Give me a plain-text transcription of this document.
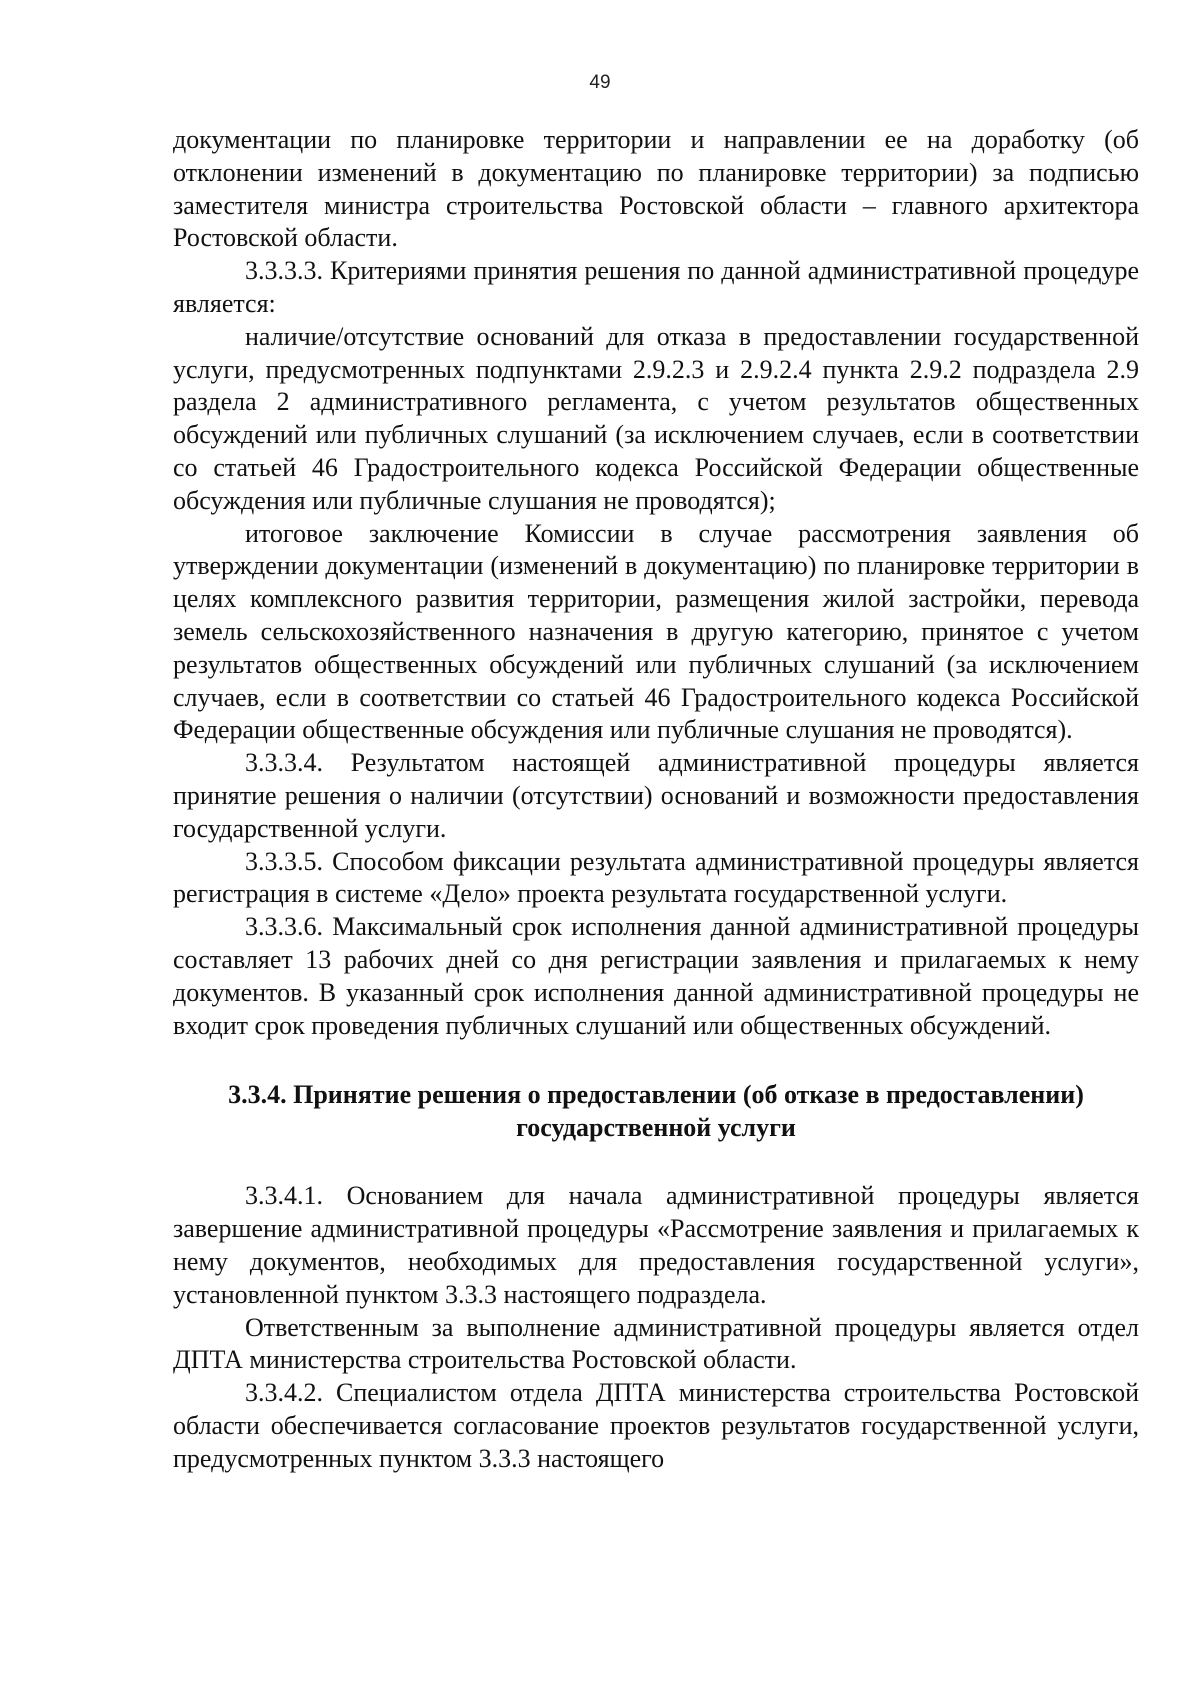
49

документации по планировке территории и направлении ее на доработку (об отклонении изменений в документацию по планировке территории) за подписью заместителя министра строительства Ростовской области – главного архитектора Ростовской области.

3.3.3.3. Критериями принятия решения по данной административной процедуре является:

наличие/отсутствие оснований для отказа в предоставлении государственной услуги, предусмотренных подпунктами 2.9.2.3 и 2.9.2.4 пункта 2.9.2 подраздела 2.9 раздела 2 административного регламента, с учетом результатов общественных обсуждений или публичных слушаний (за исключением случаев, если в соответствии со статьей 46 Градостроительного кодекса Российской Федерации общественные обсуждения или публичные слушания не проводятся);

итоговое заключение Комиссии в случае рассмотрения заявления об утверждении документации (изменений в документацию) по планировке территории в целях комплексного развития территории, размещения жилой застройки, перевода земель сельскохозяйственного назначения в другую категорию, принятое с учетом результатов общественных обсуждений или публичных слушаний (за исключением случаев, если в соответствии со статьей 46 Градостроительного кодекса Российской Федерации общественные обсуждения или публичные слушания не проводятся).

3.3.3.4. Результатом настоящей административной процедуры является принятие решения о наличии (отсутствии) оснований и возможности предоставления государственной услуги.

3.3.3.5. Способом фиксации результата административной процедуры является регистрация в системе «Дело» проекта результата государственной услуги.

3.3.3.6. Максимальный срок исполнения данной административной процедуры составляет 13 рабочих дней со дня регистрации заявления и прилагаемых к нему документов. В указанный срок исполнения данной административной процедуры не входит срок проведения публичных слушаний или общественных обсуждений.

3.3.4. Принятие решения о предоставлении (об отказе в предоставлении)
государственной услуги

3.3.4.1. Основанием для начала административной процедуры является завершение административной процедуры «Рассмотрение заявления и прилагаемых к нему документов, необходимых для предоставления государственной услуги», установленной пунктом 3.3.3 настоящего подраздела.

Ответственным за выполнение административной процедуры является отдел ДПТА министерства строительства Ростовской области.

3.3.4.2. Специалистом отдела ДПТА министерства строительства Ростовской области обеспечивается согласование проектов результатов государственной услуги, предусмотренных пунктом 3.3.3 настоящего
